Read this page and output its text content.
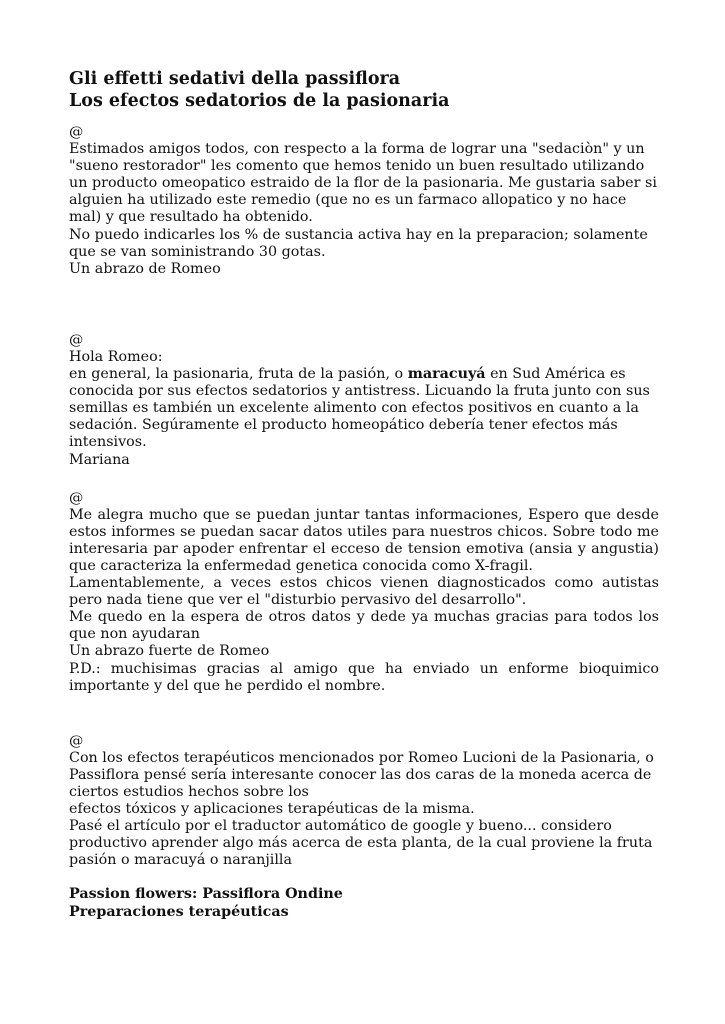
Gli effetti sedativi della passiflora
Los efectos sedatorios de la pasionaria

@

Estimados amigos todos, con respecto a la forma de lograr una "sedaciòn" y un "sueno restorador" les comento que hemos tenido un buen resultado utilizando un producto omeopatico estraido de la flor de la pasionaria. Me gustaria saber si alguien ha utilizado este remedio (que no es un farmaco allopatico y no hace mal) y que resultado ha obtenido.

No puedo indicarles los % de sustancia activa hay en la preparacion; solamente que se van soministrando 30 gotas.

Un abrazo de Romeo

@

Hola Romeo:

en general, la pasionaria, fruta de la pasión, o maracuyá en Sud América es conocida por sus efectos sedatorios y antistress. Licuando la fruta junto con sus semillas es también un excelente alimento con efectos positivos en cuanto a la sedación. Segúramente el producto homeopático debería tener efectos más intensivos.

Mariana

@

Me alegra mucho que se puedan juntar tantas informaciones, Espero que desde estos informes se puedan sacar datos utiles para nuestros chicos. Sobre todo me interesaria par apoder enfrentar el ecceso de tension emotiva (ansia y angustia) que caracteriza la enfermedad genetica conocida como X-fragil.

Lamentablemente, a veces estos chicos vienen diagnosticados como autistas pero nada tiene que ver el "disturbio pervasivo del desarrollo".

Me quedo en la espera de otros datos y dede ya muchas gracias para todos los que non ayudaran

Un abrazo fuerte de Romeo

P.D.: muchisimas gracias al amigo que ha enviado un enforme bioquimico importante y del que he perdido el nombre.

@

Con los efectos terapéuticos mencionados por Romeo Lucioni de la Pasionaria, o Passiflora pensé sería interesante conocer las dos caras de la moneda acerca de ciertos estudios hechos sobre los

efectos tóxicos y aplicaciones terapéuticas de la misma.

Pasé el artículo por el traductor automático de google y bueno... considero productivo aprender algo más acerca de esta planta, de la cual proviene la fruta pasión o maracuyá o naranjilla

Passion flowers: Passiflora Ondine

Preparaciones terapéuticas
